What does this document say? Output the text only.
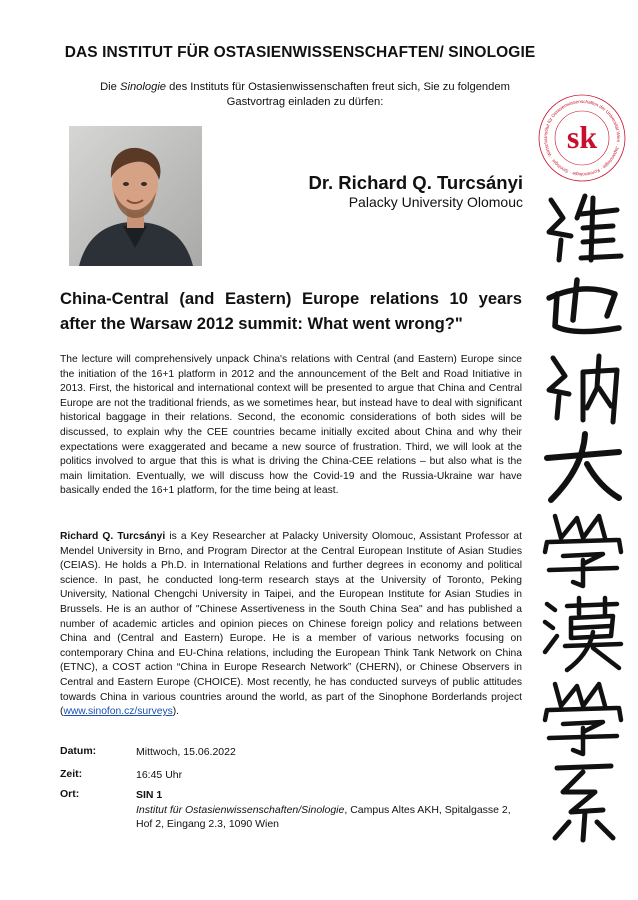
DAS INSTITUT FÜR OSTASIENWISSENSCHAFTEN/ SINOLOGIE
Die Sinologie des Instituts für Ostasienwissenschaften freut sich, Sie zu folgendem Gastvortrag einladen zu dürfen:
Dr. Richard Q. Turcsányi
Palacky University Olomouc
China-Central (and Eastern) Europe relations 10 years after the Warsaw 2012 summit: What went wrong?"
The lecture will comprehensively unpack China's relations with Central (and Eastern) Europe since the initiation of the 16+1 platform in 2012 and the announcement of the Belt and Road Initiative in 2013. First, the historical and international context will be presented to argue that China and Central Europe are not the traditional friends, as we sometimes hear, but instead have to deal with significant historical baggage in their relations. Second, the economic considerations of both sides will be discussed, to explain why the CEE countries became initially excited about China and why their expectations were exaggerated and became a new source of frustration. Third, we will look at the politics involved to argue that this is what is driving the China-CEE relations – but also what is the main limitation. Eventually, we will discuss how the Covid-19 and the Russia-Ukraine war have basically ended the 16+1 platform, for the time being at least.
Richard Q. Turcsányi is a Key Researcher at Palacky University Olomouc, Assistant Professor at Mendel University in Brno, and Program Director at the Central European Institute of Asian Studies (CEIAS). He holds a Ph.D. in International Relations and further degrees in economy and political science. In past, he conducted long-term research stays at the University of Toronto, Peking University, National Chengchi University in Taipei, and the European Institute for Asian Studies in Brussels. He is an author of "Chinese Assertiveness in the South China Sea" and has published a number of academic articles and opinion pieces on Chinese foreign policy and relations between China and (Central and Eastern) Europe. He is a member of various networks focusing on contemporary China and EU-China relations, including the European Think Tank Network on China (ETNC), a COST action “China in Europe Research Network” (CHERN), or Chinese Observers in Central and Eastern Europe (CHOICE). Most recently, he has conducted surveys of public attitudes towards China in various countries around the world, as part of the Sinophone Borderlands project (www.sinofon.cz/surveys).
Datum:	Mittwoch, 15.06.2022
Zeit:	16:45 Uhr
Ort:	SIN 1
Institut für Ostasienwissenschaften/Sinologie, Campus Altes AKH, Spitalgasse 2, Hof 2, Eingang 2.3, 1090 Wien
Institut für Ostasienwissenschaften der Universität Wien · Japanologie · Koreanologie · Sinologie · Wirtscha sk
